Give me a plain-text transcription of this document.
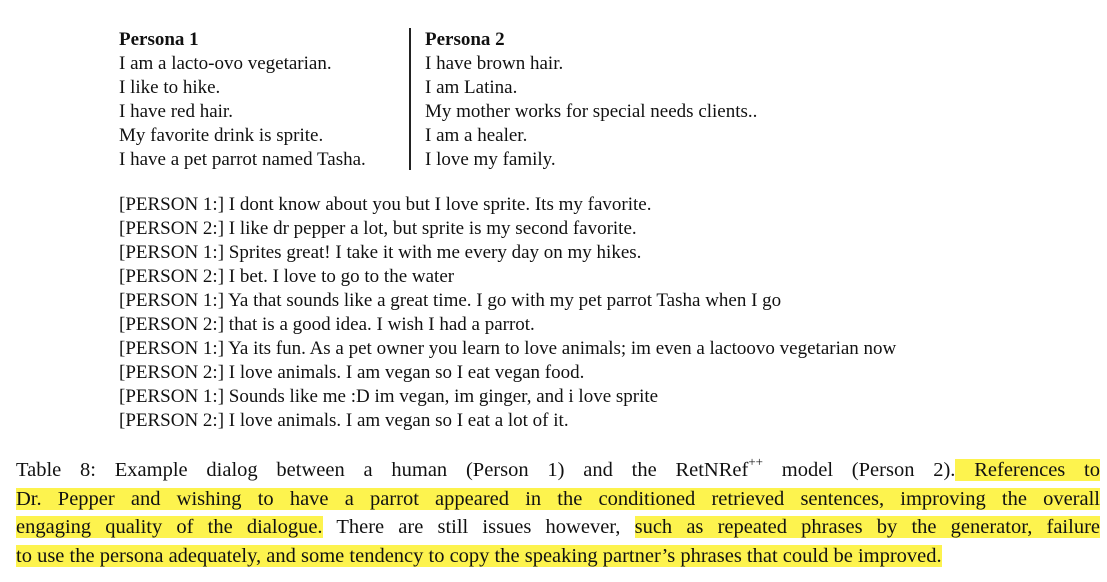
Persona 1

I am a lacto-ovo vegetarian.

I like to hike.

I have red hair.

My favorite drink is sprite.

I have a pet parrot named Tasha.

Persona 2

I have brown hair.

I am Latina.

My mother works for special needs clients..

I am a healer.

I love my family.

[PERSON 1:] I dont know about you but I love sprite. Its my favorite.

[PERSON 2:] I like dr pepper a lot, but sprite is my second favorite.

[PERSON 1:] Sprites great! I take it with me every day on my hikes.

[PERSON 2:] I bet. I love to go to the water

[PERSON 1:] Ya that sounds like a great time. I go with my pet parrot Tasha when I go

[PERSON 2:] that is a good idea. I wish I had a parrot.

[PERSON 1:] Ya its fun. As a pet owner you learn to love animals; im even a lactoovo vegetarian now

[PERSON 2:] I love animals. I am vegan so I eat vegan food.

[PERSON 1:] Sounds like me :D im vegan, im ginger, and i love sprite

[PERSON 2:] I love animals. I am vegan so I eat a lot of it.

Table 8: Example dialog between a human (Person 1) and the RetNRef++ model (Person 2). References to
Dr. Pepper and wishing to have a parrot appeared in the conditioned retrieved sentences, improving the overall
engaging quality of the dialogue. There are still issues however, such as repeated phrases by the generator, failure
to use the persona adequately, and some tendency to copy the speaking partner’s phrases that could be improved.
